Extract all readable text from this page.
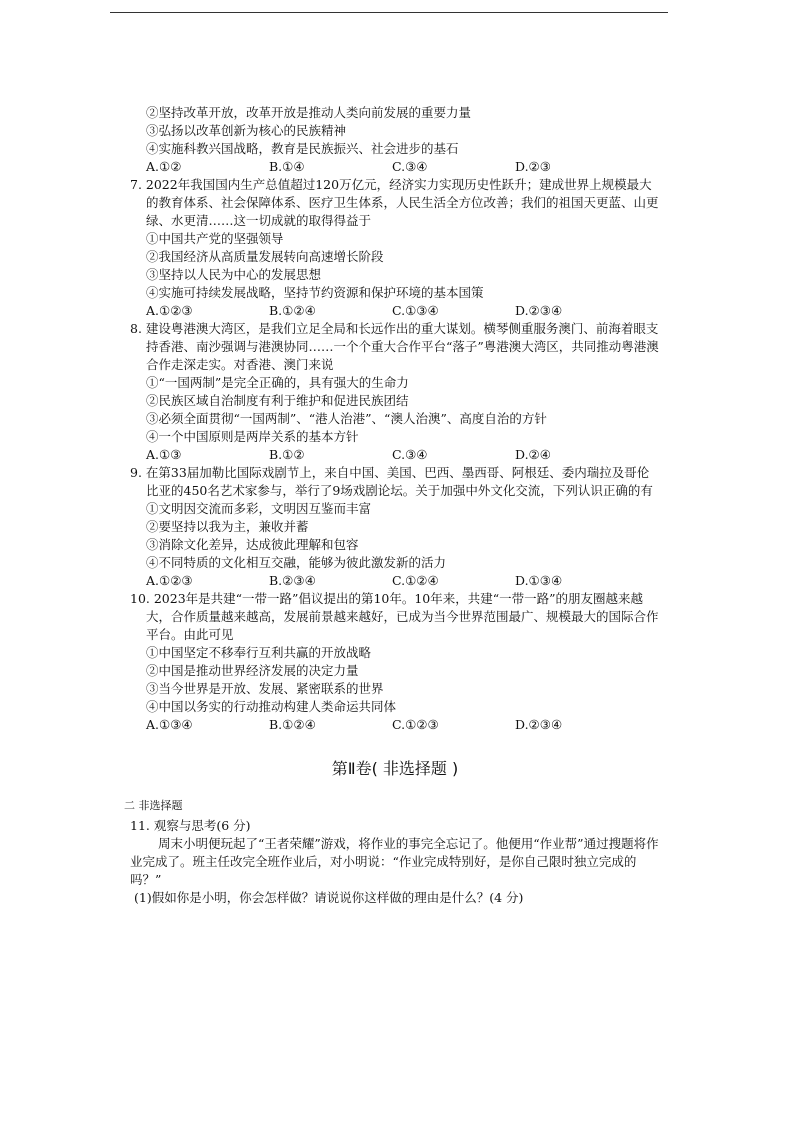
②坚持改革开放，改革开放是推动人类向前发展的重要力量
③弘扬以改革创新为核心的民族精神
④实施科教兴国战略，教育是民族振兴、社会进步的基石
A.①②	B.①④	C.③④	D.②③
7. 2022年我国国内生产总值超过120万亿元，经济实力实现历史性跃升；建成世界上规模最大的教育体系、社会保障体系、医疗卫生体系，人民生活全方位改善；我们的祖国天更蓝、山更绿、水更清……这一切成就的取得得益于
①中国共产党的坚强领导
②我国经济从高质量发展转向高速增长阶段
③坚持以人民为中心的发展思想
④实施可持续发展战略，坚持节约资源和保护环境的基本国策
A.①②③	B.①②④	C.①③④	D.②③④
8. 建设粤港澳大湾区，是我们立足全局和长远作出的重大谋划。横琴侧重服务澳门、前海着眼支持香港、南沙强调与港澳协同……一个个重大合作平台“落子”粤港澳大湾区，共同推动粤港澳合作走深走实。对香港、澳门来说
①“一国两制”是完全正确的，具有强大的生命力
②民族区域自治制度有利于维护和促进民族团结
③必须全面贯彻“一国两制”、“港人治港”、“澳人治澳”、高度自治的方针
④一个中国原则是两岸关系的基本方针
A.①③	B.①②	C.③④	D.②④
9. 在第33届加勒比国际戏剧节上，来自中国、美国、巴西、墨西哥、阿根廷、委内瑞拉及哥伦比亚的450名艺术家参与，举行了9场戏剧论坛。关于加强中外文化交流，下列认识正确的有
①文明因交流而多彩，文明因互鉴而丰富
②要坚持以我为主，兼收并蓄
③消除文化差异，达成彼此理解和包容
④不同特质的文化相互交融，能够为彼此激发新的活力
A.①②③	B.②③④	C.①②④	D.①③④
10. 2023年是共建“一带一路”倡议提出的第10年。10年来，共建“一带一路”的朋友圈越来越大，合作质量越来越高，发展前景越来越好，已成为当今世界范围最广、规模最大的国际合作平台。由此可见
①中国坚定不移奉行互利共赢的开放战略
②中国是推动世界经济发展的决定力量
③当今世界是开放、发展、紧密联系的世界
④中国以务实的行动推动构建人类命运共同体
A.①③④	B.①②④	C.①②③	D.②③④
第Ⅱ卷( 非选择题 )
二 非选择题
11. 观察与思考(6 分)
周末小明便玩起了“王者荣耀”游戏，将作业的事完全忘记了。他便用“作业帮”通过搜题将作业完成了。班主任改完全班作业后，对小明说：“作业完成特别好，是你自己限时独立完成的吗？”
(1)假如你是小明，你会怎样做？请说说你这样做的理由是什么？(4 分)
